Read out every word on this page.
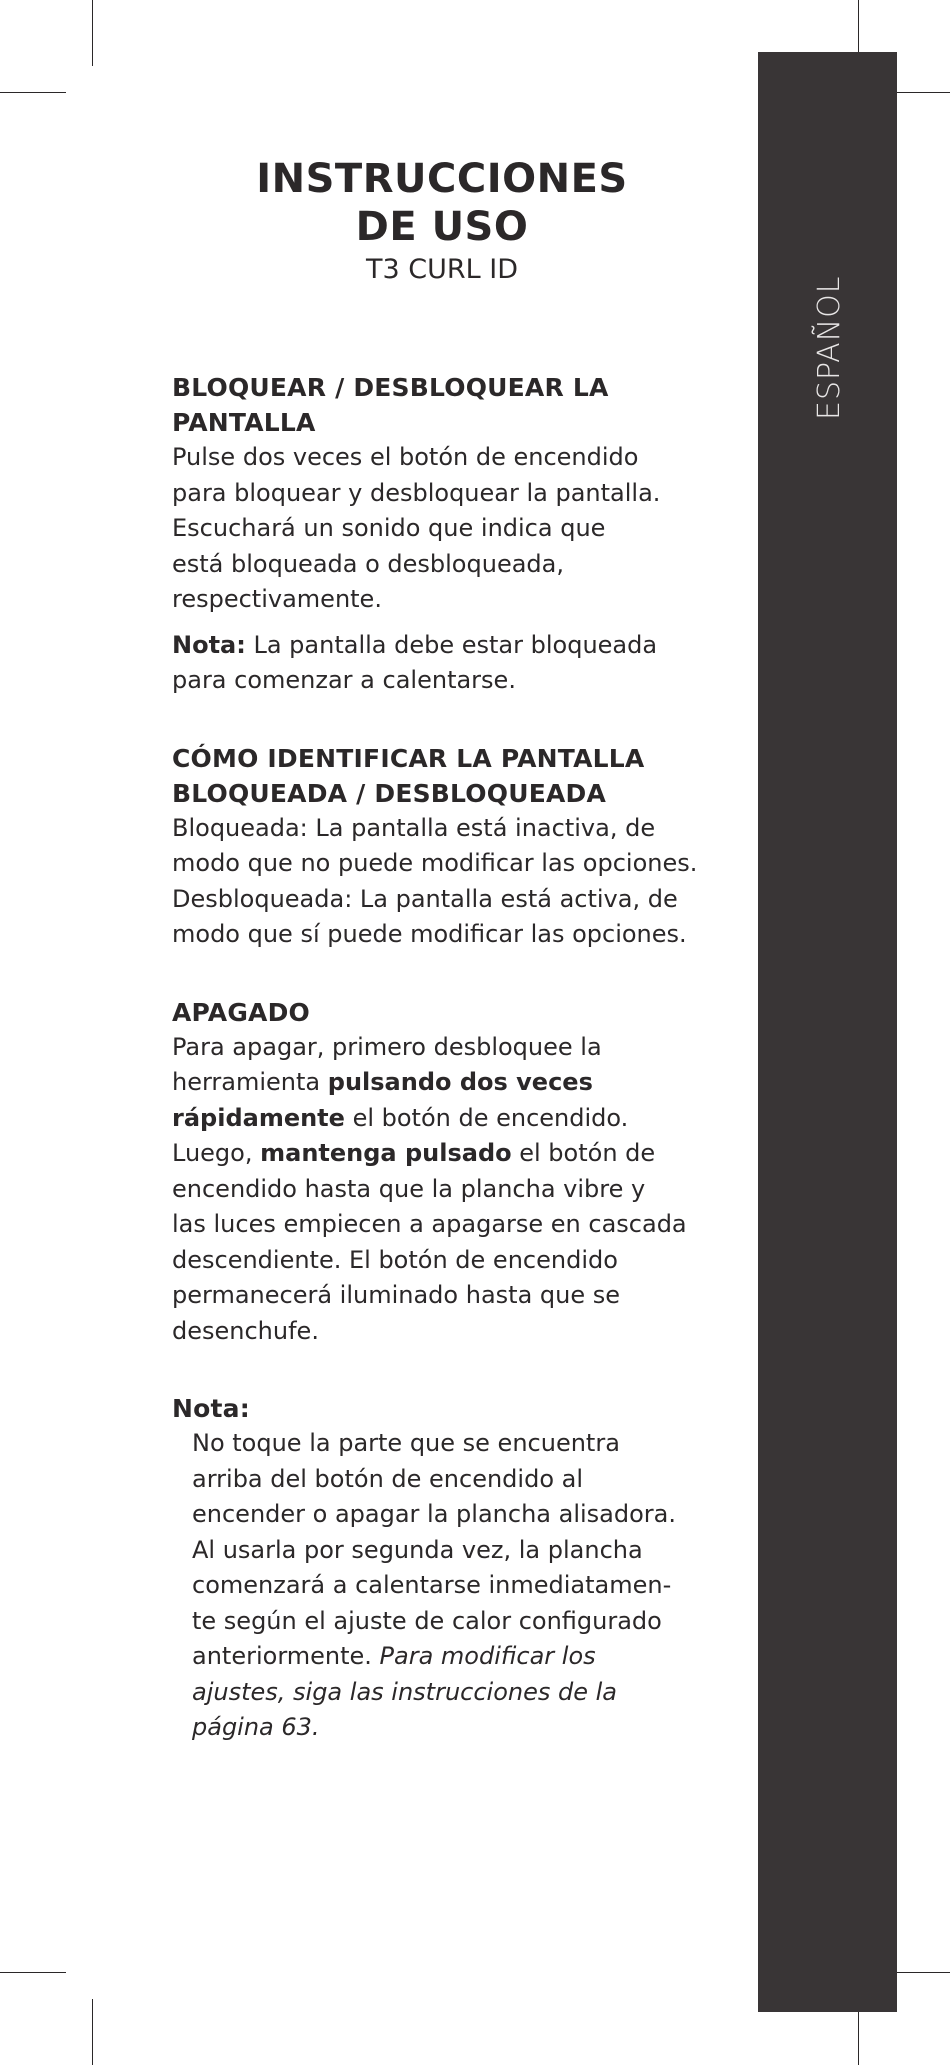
ESPAÑOL
INSTRUCCIONES
DE USO
T3 CURL ID
BLOQUEAR / DESBLOQUEAR LA
PANTALLA

Pulse dos veces el botón de encendido
para bloquear y desbloquear la pantalla.
Escuchará un sonido que indica que
está bloqueada o desbloqueada,
respectivamente.

Nota: La pantalla debe estar bloqueada
para comenzar a calentarse.

CÓMO IDENTIFICAR LA PANTALLA
BLOQUEADA / DESBLOQUEADA

Bloqueada: La pantalla está inactiva, de
modo que no puede modificar las opciones.
Desbloqueada: La pantalla está activa, de
modo que sí puede modificar las opciones.

APAGADO

Para apagar, primero desbloquee la
herramienta pulsando dos veces
rápidamente el botón de encendido.
Luego, mantenga pulsado el botón de
encendido hasta que la plancha vibre y
las luces empiecen a apagarse en cascada
descendiente. El botón de encendido
permanecerá iluminado hasta que se
desenchufe.

Nota:

No toque la parte que se encuentra
arriba del botón de encendido al
encender o apagar la plancha alisadora.
Al usarla por segunda vez, la plancha
comenzará a calentarse inmediatamen-
te según el ajuste de calor configurado
anteriormente. Para modificar los
ajustes, siga las instrucciones de la
página 63.
